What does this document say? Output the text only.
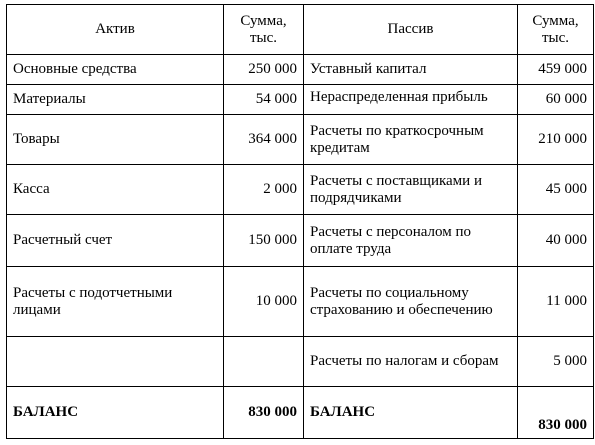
Актив	Сумма, тыс.	Пассив	Сумма, тыс.
Основные средства	250 000	Уставный капитал	459 000
Материалы	54 000	Нераспределенная прибыль	60 000
Товары	364 000	Расчеты по краткосрочным кредитам	210 000
Касса	2 000	Расчеты с поставщиками и подрядчиками	45 000
Расчетный счет	150 000	Расчеты с персоналом по оплате труда	40 000
Расчеты с подотчетными лицами	10 000	Расчеты по социальному страхованию и обеспечению	11 000
		Расчеты по налогам и сборам	5 000
БАЛАНС	830 000	БАЛАНС	830 000
